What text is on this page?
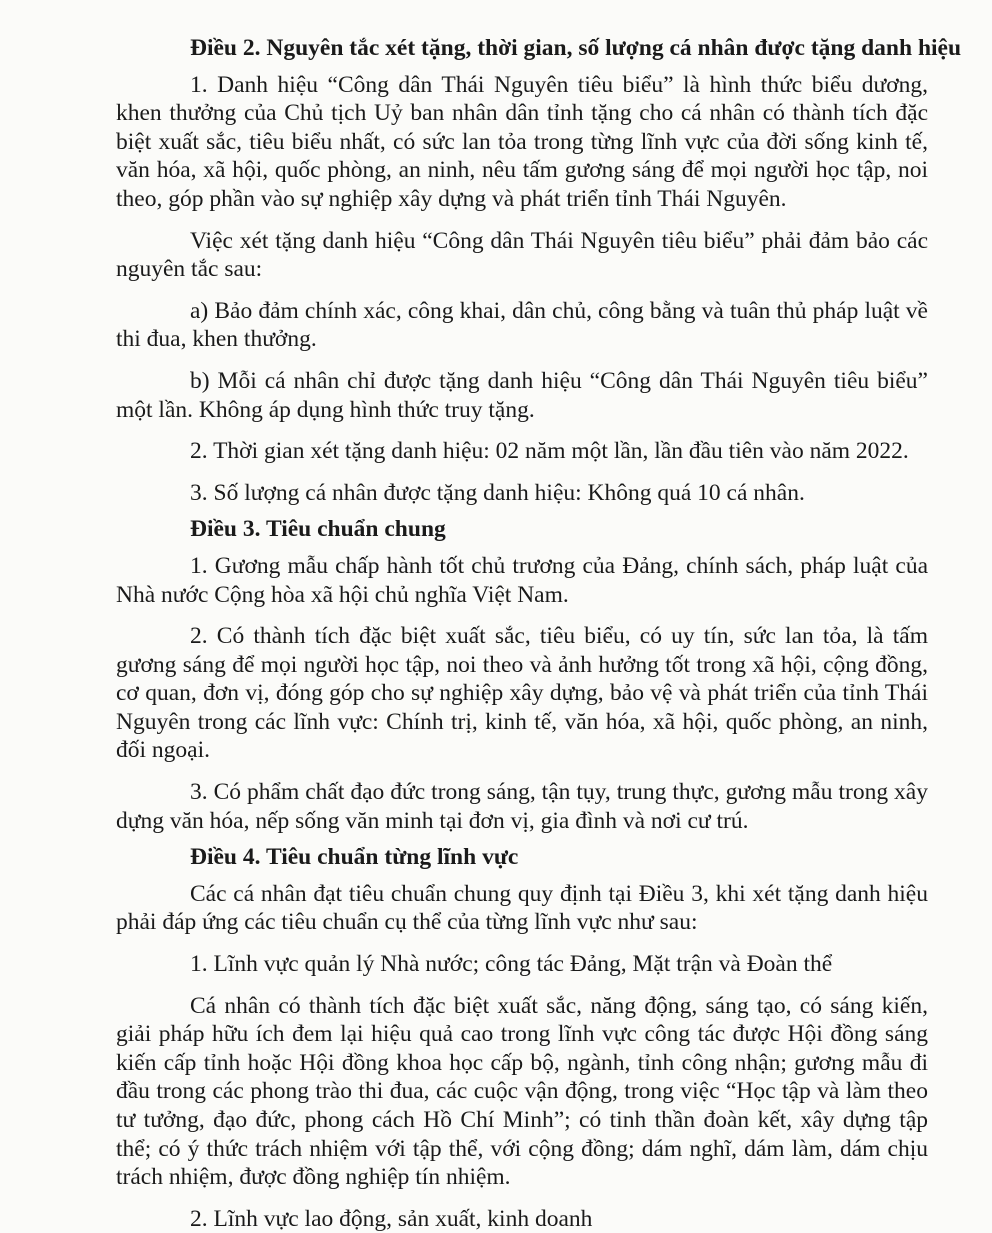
Điều 2. Nguyên tắc xét tặng, thời gian, số lượng cá nhân được tặng danh hiệu

1. Danh hiệu “Công dân Thái Nguyên tiêu biểu” là hình thức biểu dương, khen thưởng của Chủ tịch Uỷ ban nhân dân tỉnh tặng cho cá nhân có thành tích đặc biệt xuất sắc, tiêu biểu nhất, có sức lan tỏa trong từng lĩnh vực của đời sống kinh tế, văn hóa, xã hội, quốc phòng, an ninh, nêu tấm gương sáng để mọi người học tập, noi theo, góp phần vào sự nghiệp xây dựng và phát triển tỉnh Thái Nguyên.

Việc xét tặng danh hiệu “Công dân Thái Nguyên tiêu biểu” phải đảm bảo các nguyên tắc sau:

a) Bảo đảm chính xác, công khai, dân chủ, công bằng và tuân thủ pháp luật về thi đua, khen thưởng.

b) Mỗi cá nhân chỉ được tặng danh hiệu “Công dân Thái Nguyên tiêu biểu” một lần. Không áp dụng hình thức truy tặng.

2. Thời gian xét tặng danh hiệu: 02 năm một lần, lần đầu tiên vào năm 2022.

3. Số lượng cá nhân được tặng danh hiệu: Không quá 10 cá nhân.

Điều 3. Tiêu chuẩn chung

1. Gương mẫu chấp hành tốt chủ trương của Đảng, chính sách, pháp luật của Nhà nước Cộng hòa xã hội chủ nghĩa Việt Nam.

2. Có thành tích đặc biệt xuất sắc, tiêu biểu, có uy tín, sức lan tỏa, là tấm gương sáng để mọi người học tập, noi theo và ảnh hưởng tốt trong xã hội, cộng đồng, cơ quan, đơn vị, đóng góp cho sự nghiệp xây dựng, bảo vệ và phát triển của tỉnh Thái Nguyên trong các lĩnh vực: Chính trị, kinh tế, văn hóa, xã hội, quốc phòng, an ninh, đối ngoại.

3. Có phẩm chất đạo đức trong sáng, tận tụy, trung thực, gương mẫu trong xây dựng văn hóa, nếp sống văn minh tại đơn vị, gia đình và nơi cư trú.

Điều 4. Tiêu chuẩn từng lĩnh vực

Các cá nhân đạt tiêu chuẩn chung quy định tại Điều 3, khi xét tặng danh hiệu phải đáp ứng các tiêu chuẩn cụ thể của từng lĩnh vực như sau:

1. Lĩnh vực quản lý Nhà nước; công tác Đảng, Mặt trận và Đoàn thể

Cá nhân có thành tích đặc biệt xuất sắc, năng động, sáng tạo, có sáng kiến, giải pháp hữu ích đem lại hiệu quả cao trong lĩnh vực công tác được Hội đồng sáng kiến cấp tỉnh hoặc Hội đồng khoa học cấp bộ, ngành, tỉnh công nhận; gương mẫu đi đầu trong các phong trào thi đua, các cuộc vận động, trong việc “Học tập và làm theo tư tưởng, đạo đức, phong cách Hồ Chí Minh”; có tinh thần đoàn kết, xây dựng tập thể; có ý thức trách nhiệm với tập thể, với cộng đồng; dám nghĩ, dám làm, dám chịu trách nhiệm, được đồng nghiệp tín nhiệm.

2. Lĩnh vực lao động, sản xuất, kinh doanh
